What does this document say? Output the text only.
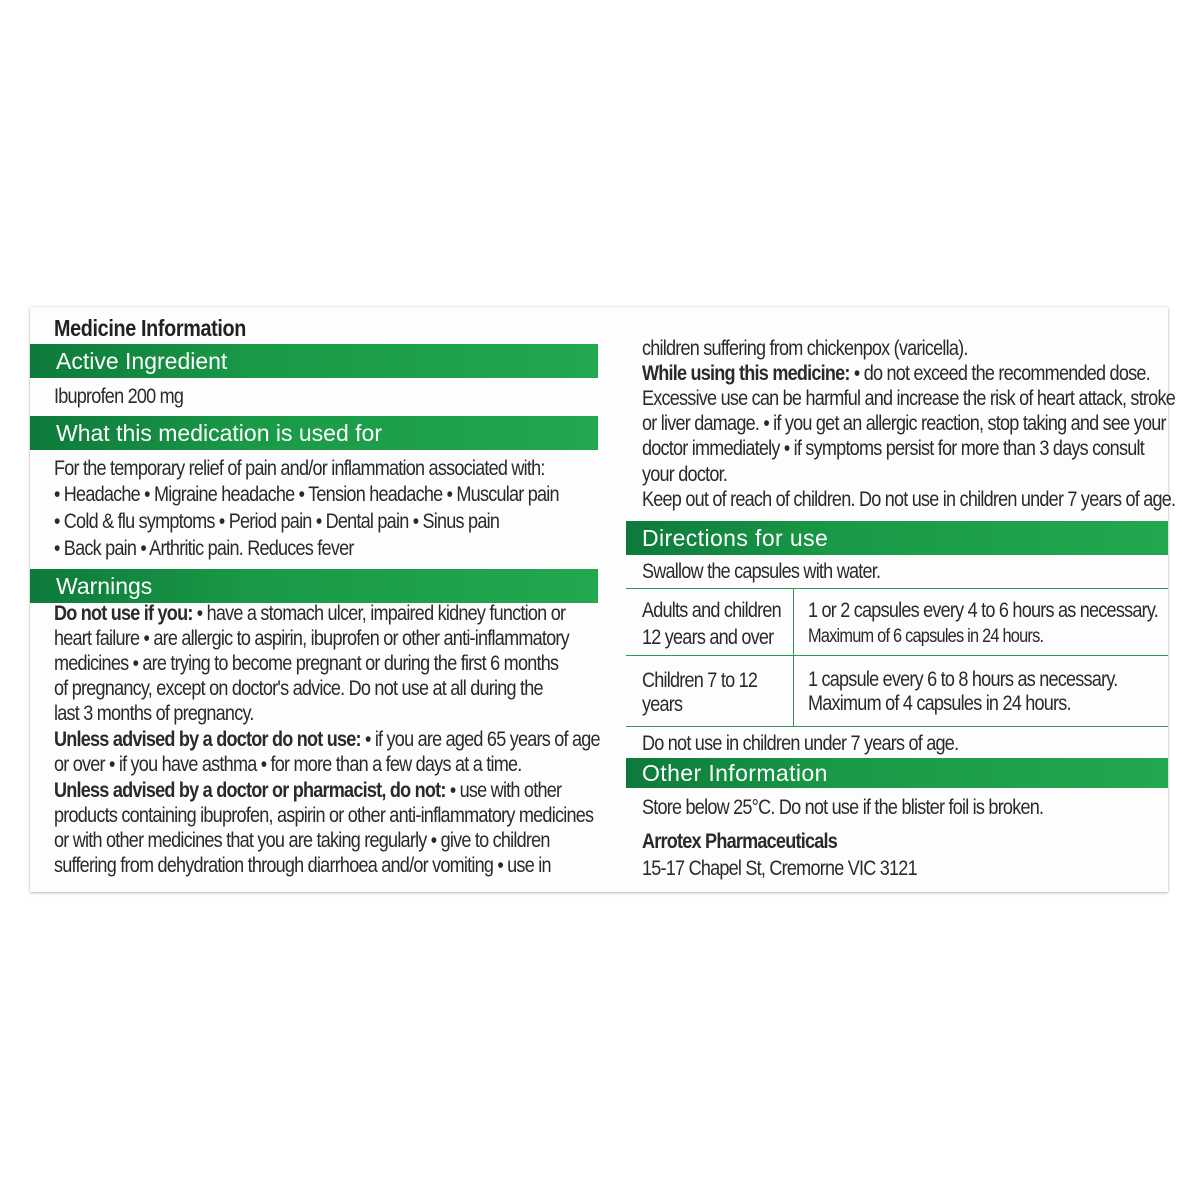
Medicine Information
Active Ingredient
Ibuprofen 200 mg
What this medication is used for
For the temporary relief of pain and/or inflammation associated with:
• Headache • Migraine headache • Tension headache • Muscular pain
• Cold & flu symptoms • Period pain • Dental pain • Sinus pain
• Back pain • Arthritic pain. Reduces fever
Warnings
Do not use if you: • have a stomach ulcer, impaired kidney function or
heart failure • are allergic to aspirin, ibuprofen or other anti-inflammatory
medicines • are trying to become pregnant or during the first 6 months
of pregnancy, except on doctor's advice. Do not use at all during the
last 3 months of pregnancy.
Unless advised by a doctor do not use: • if you are aged 65 years of age
or over • if you have asthma • for more than a few days at a time.
Unless advised by a doctor or pharmacist, do not: • use with other
products containing ibuprofen, aspirin or other anti-inflammatory medicines
or with other medicines that you are taking regularly • give to children
suffering from dehydration through diarrhoea and/or vomiting • use in
children suffering from chickenpox (varicella).
While using this medicine: • do not exceed the recommended dose.
Excessive use can be harmful and increase the risk of heart attack, stroke
or liver damage. • if you get an allergic reaction, stop taking and see your
doctor immediately • if symptoms persist for more than 3 days consult
your doctor.
Keep out of reach of children. Do not use in children under 7 years of age.
Directions for use
Swallow the capsules with water.
Adults and children
12 years and over
1 or 2 capsules every 4 to 6 hours as necessary.
Maximum of 6 capsules in 24 hours.
Children 7 to 12
years
1 capsule every 6 to 8 hours as necessary.
Maximum of 4 capsules in 24 hours.
Do not use in children under 7 years of age.
Other Information
Store below 25°C. Do not use if the blister foil is broken.
Arrotex Pharmaceuticals
15-17 Chapel St, Cremorne VIC 3121
